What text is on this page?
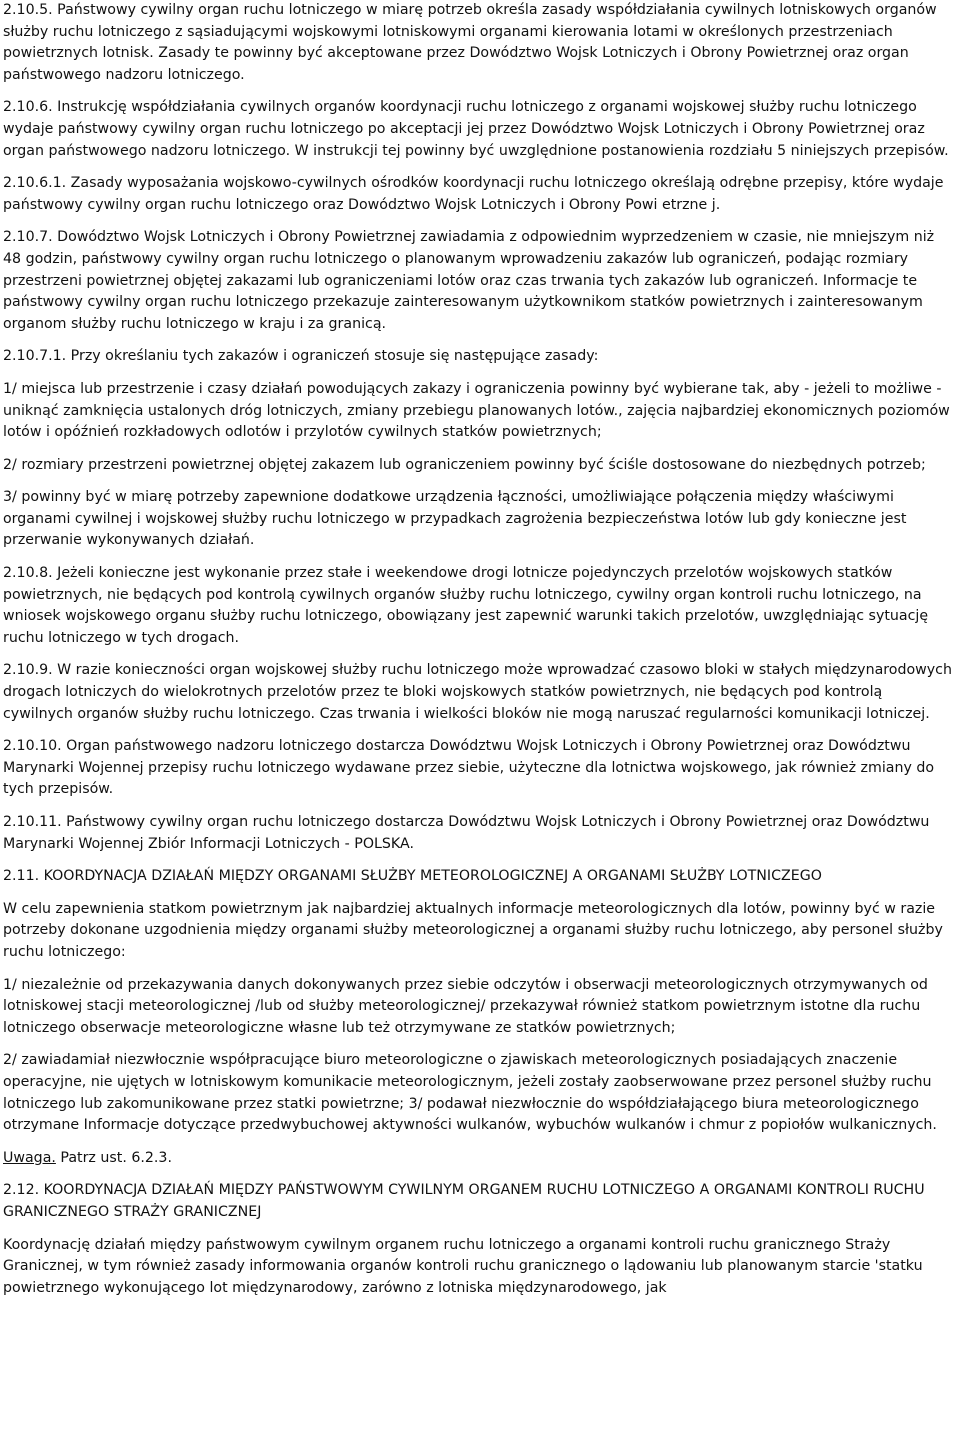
2.10.5. Państwowy cywilny organ ruchu lotniczego w miarę potrzeb określa zasady współdziałania cywilnych lotniskowych organów służby ruchu lotniczego z sąsiadującymi wojskowymi lotniskowymi organami kierowania lotami w określonych przestrzeniach powietrznych lotnisk. Zasady te powinny być akceptowane przez Dowództwo Wojsk Lotniczych i Obrony Powietrznej oraz organ państwowego nadzoru lotniczego.

2.10.6. Instrukcję współdziałania cywilnych organów koordynacji ruchu lotniczego z organami wojskowej służby ruchu lotniczego wydaje państwowy cywilny organ ruchu lotniczego po akceptacji jej przez Dowództwo Wojsk Lotniczych i Obrony Powietrznej oraz organ państwowego nadzoru lotniczego. W instrukcji tej powinny być uwzględnione postanowienia rozdziału 5 niniejszych przepisów.

2.10.6.1. Zasady wyposażania wojskowo-cywilnych ośrodków koordynacji ruchu lotniczego określają odrębne przepisy, które wydaje państwowy cywilny organ ruchu lotniczego oraz Dowództwo Wojsk Lotniczych i Obrony Powi etrzne j.

2.10.7. Dowództwo Wojsk Lotniczych i Obrony Powietrznej zawiadamia z odpowiednim wyprzedzeniem w czasie, nie mniejszym niż 48 godzin, państwowy cywilny organ ruchu lotniczego o planowanym wprowadzeniu zakazów lub ograniczeń, podając rozmiary przestrzeni powietrznej objętej zakazami lub ograniczeniami lotów oraz czas trwania tych zakazów lub ograniczeń. Informacje te państwowy cywilny organ ruchu lotniczego przekazuje zainteresowanym użytkownikom statków powietrznych i zainteresowanym organom służby ruchu lotniczego w kraju i za granicą.

2.10.7.1. Przy określaniu tych zakazów i ograniczeń stosuje się następujące zasady:

1/ miejsca lub przestrzenie i czasy działań powodujących zakazy i ograniczenia powinny być wybierane tak, aby - jeżeli to możliwe -uniknąć zamknięcia ustalonych dróg lotniczych, zmiany przebiegu planowanych lotów., zajęcia najbardziej ekonomicznych poziomów lotów i opóźnień rozkładowych odlotów i przylotów cywilnych statków powietrznych;

2/ rozmiary przestrzeni powietrznej objętej zakazem lub ograniczeniem powinny być ściśle dostosowane do niezbędnych potrzeb;

3/ powinny być w miarę potrzeby zapewnione dodatkowe urządzenia łączności, umożliwiające połączenia między właściwymi organami cywilnej i wojskowej służby ruchu lotniczego w przypadkach zagrożenia bezpieczeństwa lotów lub gdy konieczne jest przerwanie wykonywanych działań.

2.10.8. Jeżeli konieczne jest wykonanie przez stałe i weekendowe drogi lotnicze pojedynczych przelotów wojskowych statków powietrznych, nie będących pod kontrolą cywilnych organów służby ruchu lotniczego, cywilny organ kontroli ruchu lotniczego, na wniosek wojskowego organu służby ruchu lotniczego, obowiązany jest zapewnić warunki takich przelotów, uwzględniając sytuację ruchu lotniczego w tych drogach.

2.10.9. W razie konieczności organ wojskowej służby ruchu lotniczego może wprowadzać czasowo bloki w stałych międzynarodowych drogach lotniczych do wielokrotnych przelotów przez te bloki wojskowych statków powietrznych, nie będących pod kontrolą cywilnych organów służby ruchu lotniczego. Czas trwania i wielkości bloków nie mogą naruszać regularności komunikacji lotniczej.

2.10.10. Organ państwowego nadzoru lotniczego dostarcza Dowództwu Wojsk Lotniczych i Obrony Powietrznej oraz Dowództwu Marynarki Wojennej przepisy ruchu lotniczego wydawane przez siebie, użyteczne dla lotnictwa wojskowego, jak również zmiany do tych przepisów.

2.10.11. Państwowy cywilny organ ruchu lotniczego dostarcza Dowództwu Wojsk Lotniczych i Obrony Powietrznej oraz Dowództwu Marynarki Wojennej Zbiór Informacji Lotniczych - POLSKA.

2.11. KOORDYNACJA DZIAŁAŃ MIĘDZY ORGANAMI SŁUŻBY METEOROLOGICZNEJ A ORGANAMI SŁUŻBY LOTNICZEGO

W celu zapewnienia statkom powietrznym jak najbardziej aktualnych informacje meteorologicznych dla lotów, powinny być w razie potrzeby dokonane uzgodnienia między organami służby meteorologicznej a organami służby ruchu lotniczego, aby personel służby ruchu lotniczego:

1/ niezależnie od przekazywania danych dokonywanych przez siebie odczytów i obserwacji meteorologicznych otrzymywanych od lotniskowej stacji meteorologicznej /lub od służby meteorologicznej/ przekazywał również statkom powietrznym istotne dla ruchu lotniczego obserwacje meteorologiczne własne lub też otrzymywane ze statków powietrznych;

2/ zawiadamiał niezwłocznie współpracujące biuro meteorologiczne o zjawiskach meteorologicznych posiadających znaczenie operacyjne, nie ujętych w lotniskowym komunikacie meteorologicznym, jeżeli zostały zaobserwowane przez personel służby ruchu lotniczego lub zakomunikowane przez statki powietrzne; 3/ podawał niezwłocznie do współdziałającego biura meteorologicznego otrzymane Informacje dotyczące przedwybuchowej aktywności wulkanów, wybuchów wulkanów i chmur z popiołów wulkanicznych.

Uwaga. Patrz ust. 6.2.3.

2.12. KOORDYNACJA DZIAŁAŃ MIĘDZY PAŃSTWOWYM CYWILNYM ORGANEM RUCHU LOTNICZEGO A ORGANAMI KONTROLI RUCHU GRANICZNEGO STRAŻY GRANICZNEJ

Koordynację działań między państwowym cywilnym organem ruchu lotniczego a organami kontroli ruchu granicznego Straży Granicznej, w tym również zasady informowania organów kontroli ruchu granicznego o lądowaniu lub planowanym starcie 'statku powietrznego wykonującego lot międzynarodowy, zarówno z lotniska międzynarodowego, jak
